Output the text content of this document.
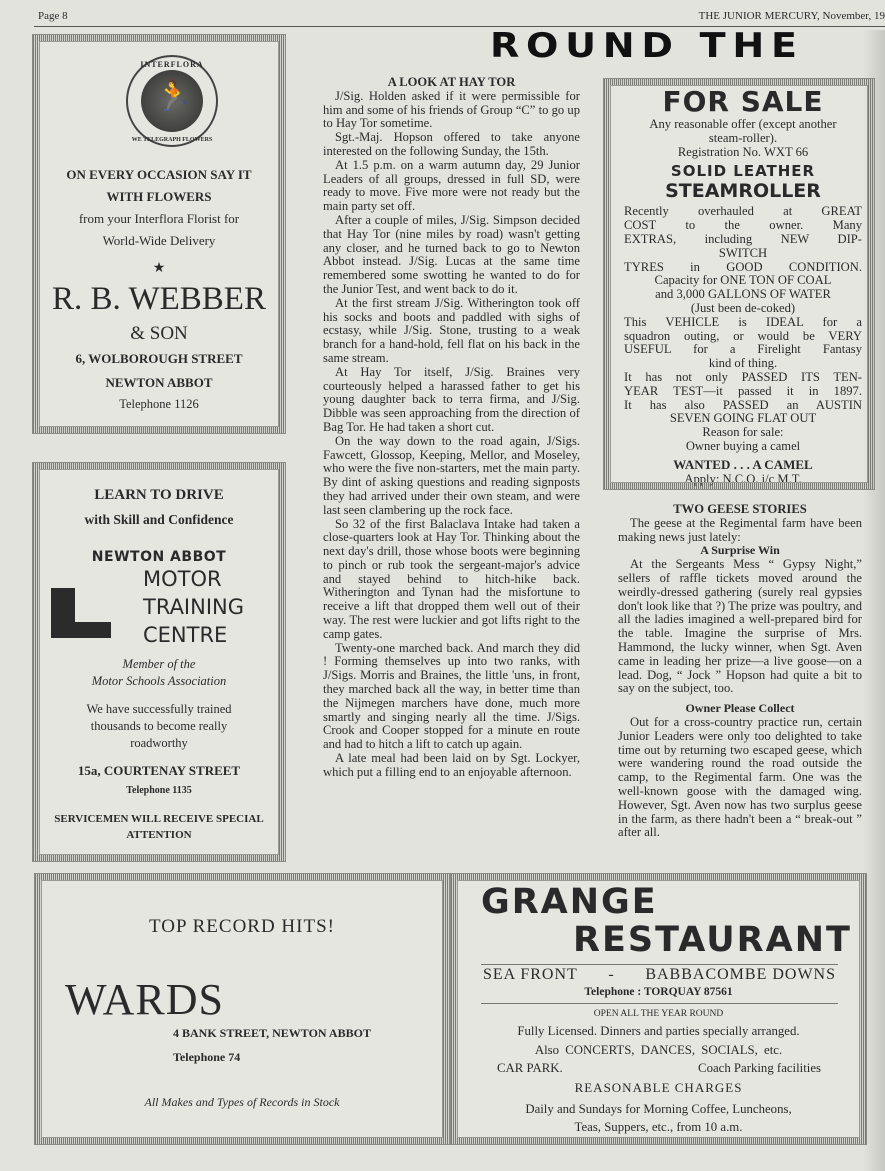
Page 8	THE JUNIOR MERCURY, November, 19
ROUND THE
INTERFLORA
🏃
WE TELEGRAPH FLOWERS
ON EVERY OCCASION SAY IT
WITH FLOWERS
from your Interflora Florist for
World-Wide Delivery
★
R. B. WEBBER
& SON
6, WOLBOROUGH STREET
NEWTON ABBOT
Telephone 1126
LEARN TO DRIVE
with Skill and Confidence
NEWTON ABBOT
MOTOR
TRAINING
CENTRE
Member of the
Motor Schools Association
We have successfully trained
thousands to become really
roadworthy
15a, COURTENAY STREET
Telephone 1135
SERVICEMEN WILL RECEIVE SPECIAL
ATTENTION
A LOOK AT HAY TOR

J/Sig. Holden asked if it were permissible for him and some of his friends of Group “C” to go up to Hay Tor sometime.

Sgt.-Maj. Hopson offered to take anyone interested on the following Sunday, the 15th.

At 1.5 p.m. on a warm autumn day, 29 Junior Leaders of all groups, dressed in full SD, were ready to move. Five more were not ready but the main party set off.

After a couple of miles, J/Sig. Simpson decided that Hay Tor (nine miles by road) wasn't getting any closer, and he turned back to go to Newton Abbot instead. J/Sig. Lucas at the same time remembered some swotting he wanted to do for the Junior Test, and went back to do it.

At the first stream J/Sig. Witherington took off his socks and boots and paddled with sighs of ecstasy, while J/Sig. Stone, trusting to a weak branch for a hand-hold, fell flat on his back in the same stream.

At Hay Tor itself, J/Sig. Braines very courteously helped a harassed father to get his young daughter back to terra firma, and J/Sig. Dibble was seen approaching from the direction of Bag Tor. He had taken a short cut.

On the way down to the road again, J/Sigs. Fawcett, Glossop, Keeping, Mellor, and Moseley, who were the five non-starters, met the main party. By dint of asking questions and reading signposts they had arrived under their own steam, and were last seen clambering up the rock face.

So 32 of the first Balaclava Intake had taken a close-quarters look at Hay Tor. Thinking about the next day's drill, those whose boots were beginning to pinch or rub took the sergeant-major's advice and stayed behind to hitch-hike back. Witherington and Tynan had the misfortune to receive a lift that dropped them well out of their way. The rest were luckier and got lifts right to the camp gates.

Twenty-one marched back. And march they did ! Forming themselves up into two ranks, with J/Sigs. Morris and Braines, the little 'uns, in front, they marched back all the way, in better time than the Nijmegen marchers have done, much more smartly and singing nearly all the time. J/Sigs. Crook and Cooper stopped for a minute en route and had to hitch a lift to catch up again.

A late meal had been laid on by Sgt. Lockyer, which put a filling end to an enjoyable afternoon.

FOR SALE
Any reasonable offer (except another
steam-roller).
Registration No. WXT 66
SOLID LEATHER
STEAMROLLER
Recently overhauled at GREAT
COST to the owner. Many
EXTRAS, including NEW DIP-
SWITCH
TYRES in GOOD CONDITION.
Capacity for ONE TON OF COAL
and 3,000 GALLONS OF WATER
(Just been de-coked)
This VEHICLE is IDEAL for a
squadron outing, or would be VERY
USEFUL for a Firelight Fantasy
kind of thing.
It has not only PASSED ITS TEN-
YEAR TEST—it passed it in 1897.
It has also PASSED an AUSTIN
SEVEN GOING FLAT OUT
Reason for sale:
Owner buying a camel
WANTED . . . A CAMEL
Apply: N.C.O. i/c M.T.
TWO GEESE STORIES

The geese at the Regimental farm have been making news just lately:

A Surprise Win

At the Sergeants Mess “ Gypsy Night,” sellers of raffle tickets moved around the weirdly-dressed gathering (surely real gypsies don't look like that ?) The prize was poultry, and all the ladies imagined a well-prepared bird for the table. Imagine the surprise of Mrs. Hammond, the lucky winner, when Sgt. Aven came in leading her prize—a live goose—on a lead. Dog, “ Jock ” Hopson had quite a bit to say on the subject, too.

Owner Please Collect

Out for a cross-country practice run, certain Junior Leaders were only too delighted to take time out by returning two escaped geese, which were wandering round the road outside the camp, to the Regimental farm. One was the well-known goose with the damaged wing. However, Sgt. Aven now has two surplus geese in the farm, as there hadn't been a “ break-out ” after all.

TOP RECORD HITS!
WARDS
4 BANK STREET, NEWTON ABBOT
Telephone 74
All Makes and Types of Records in Stock
GRANGE
RESTAURANT
SEA FRONT - BABBACOMBE DOWNS
Telephone : TORQUAY 87561
OPEN ALL THE YEAR ROUND
Fully Licensed. Dinners and parties specially arranged.
Also CONCERTS, DANCES, SOCIALS, etc.
CAR PARK.	Coach Parking facilities
REASONABLE CHARGES
Daily and Sundays for Morning Coffee, Luncheons,
Teas, Suppers, etc., from 10 a.m.
